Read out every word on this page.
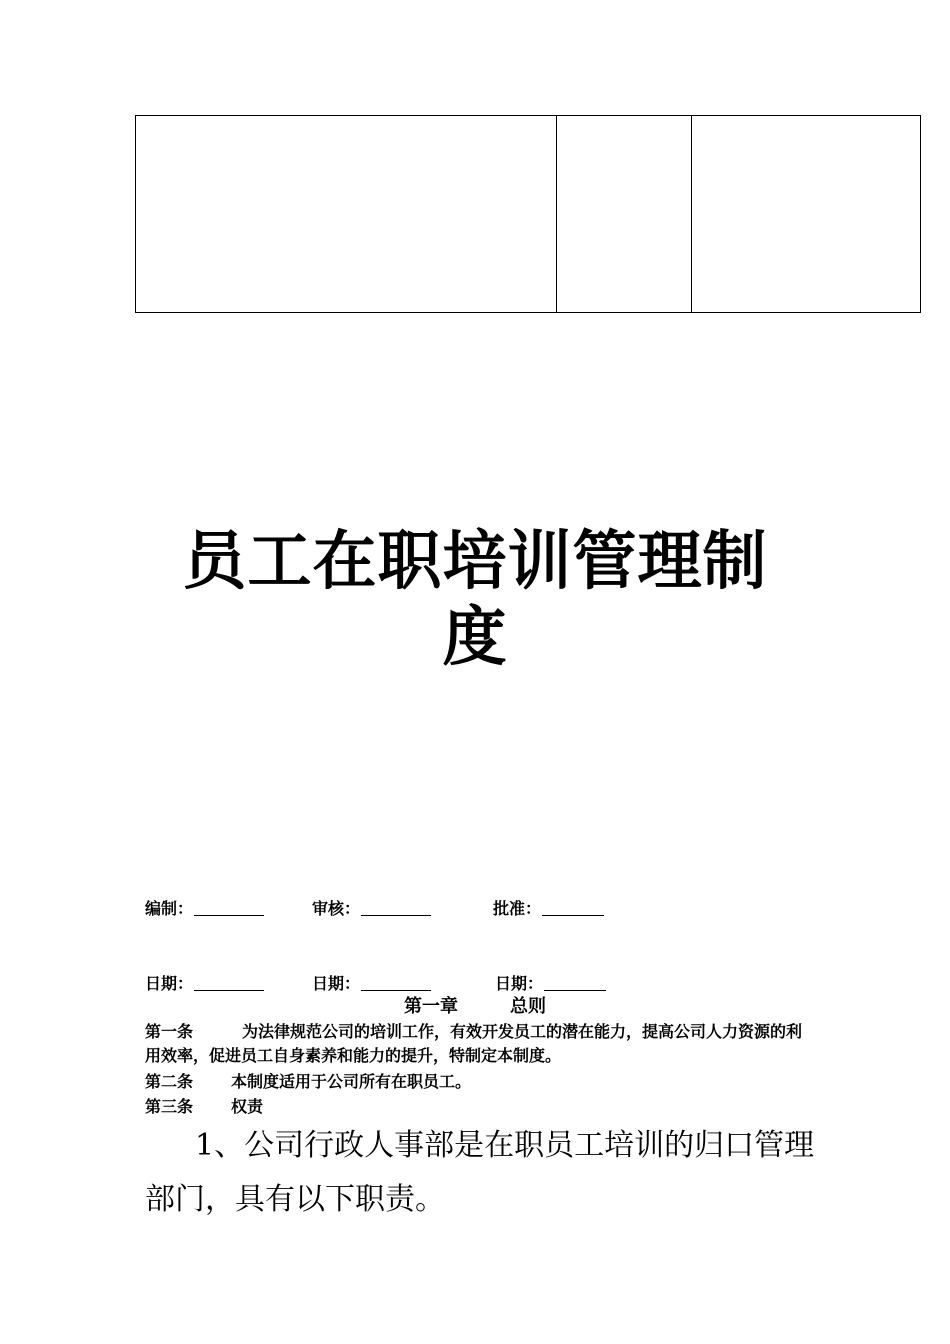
员工在职培训管理制
度
编制：	审核：	批准：
日期：	日期：	日期：
第一章	总则
第一条	为法律规范公司的培训工作，有效开发员工的潜在能力，提高公司人力资源的利用效率，促进员工自身素养和能力的提升，特制定本制度。
第二条 本制度适用于公司所有在职员工。
第三条 权责
1、公司行政人事部是在职员工培训的归口管理部门，具有以下职责。
